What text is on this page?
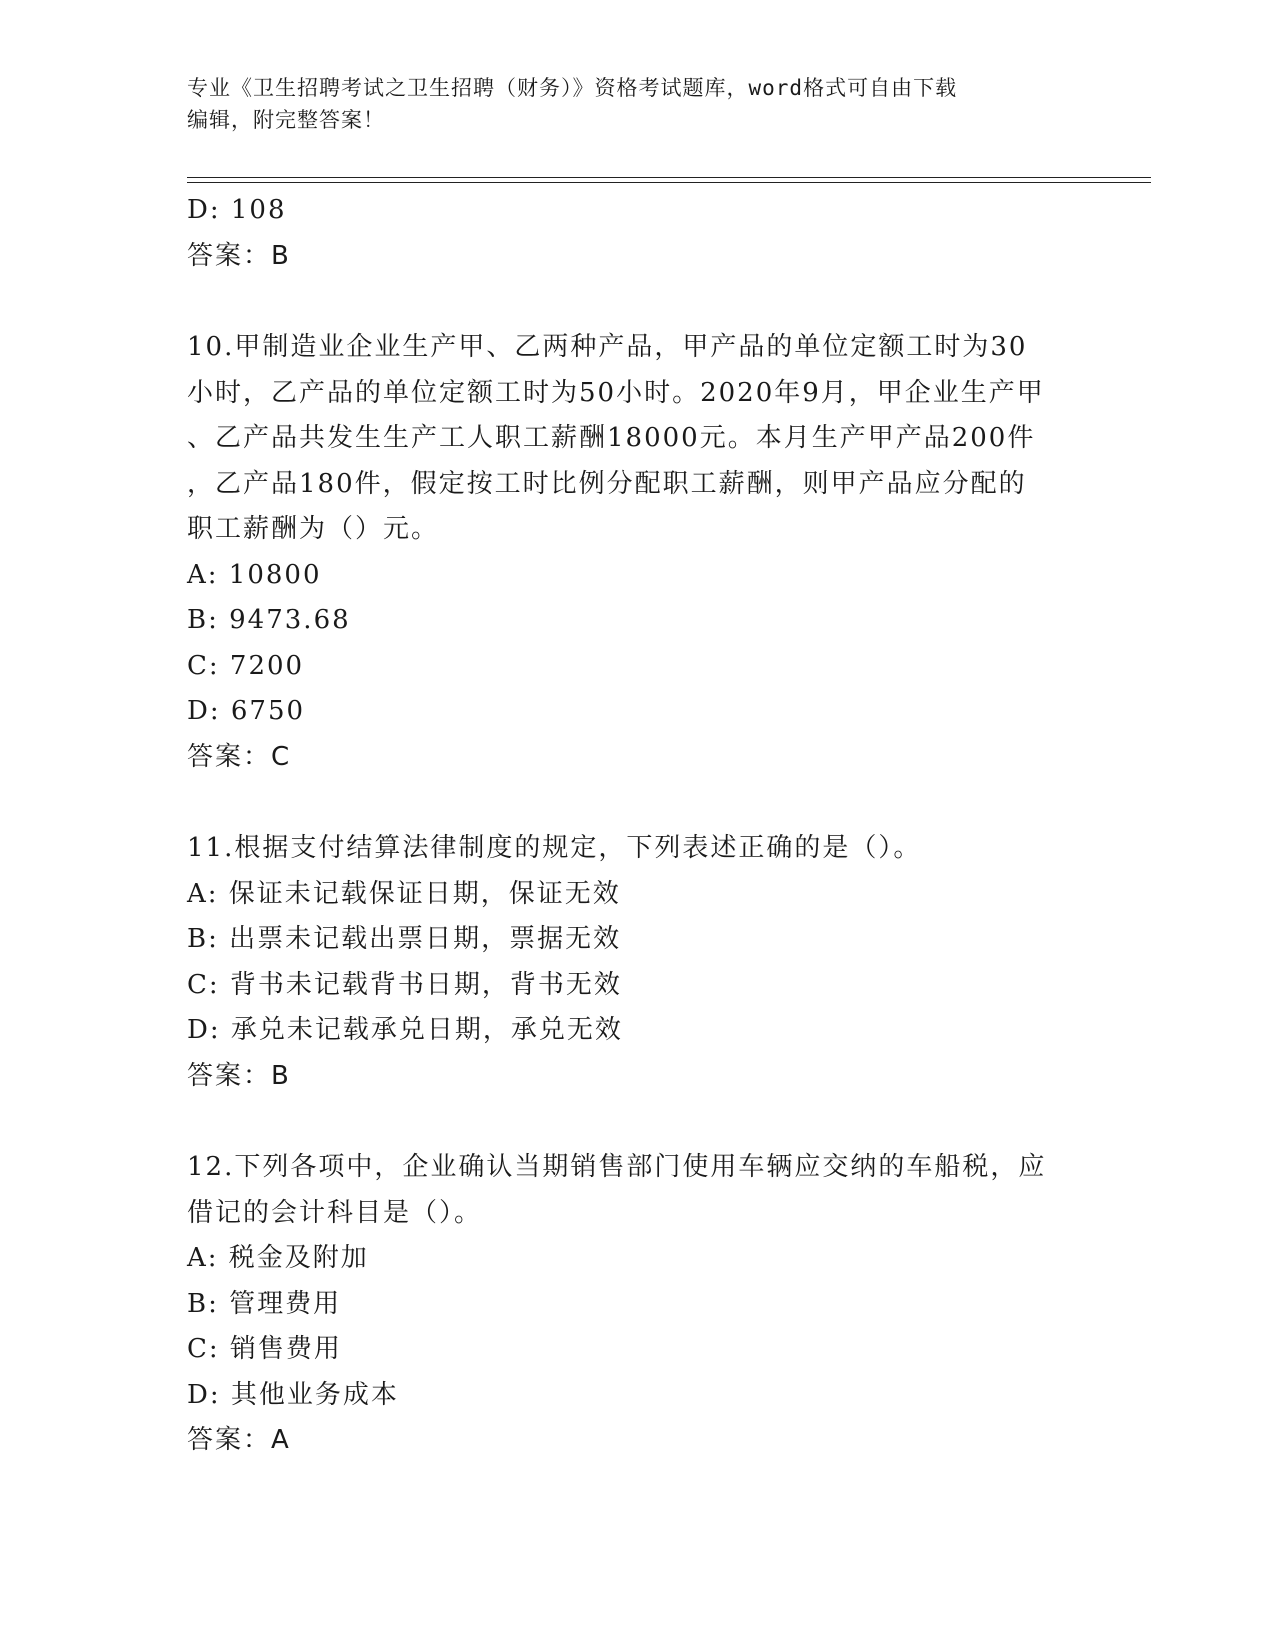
专业《卫生招聘考试之卫生招聘（财务）》资格考试题库，word格式可自由下载
编辑，附完整答案！
D: 108
答案：B
10.甲制造业企业生产甲、乙两种产品，甲产品的单位定额工时为30
小时，乙产品的单位定额工时为50小时。2020年9月，甲企业生产甲
、乙产品共发生生产工人职工薪酬18000元。本月生产甲产品200件
，乙产品180件，假定按工时比例分配职工薪酬，则甲产品应分配的
职工薪酬为（）元。
A: 10800
B: 9473.68
C: 7200
D: 6750
答案：C
11.根据支付结算法律制度的规定，下列表述正确的是（）。
A: 保证未记载保证日期，保证无效
B: 出票未记载出票日期，票据无效
C: 背书未记载背书日期，背书无效
D: 承兑未记载承兑日期，承兑无效
答案：B
12.下列各项中，企业确认当期销售部门使用车辆应交纳的车船税，应
借记的会计科目是（）。
A: 税金及附加
B: 管理费用
C: 销售费用
D: 其他业务成本
答案：A
